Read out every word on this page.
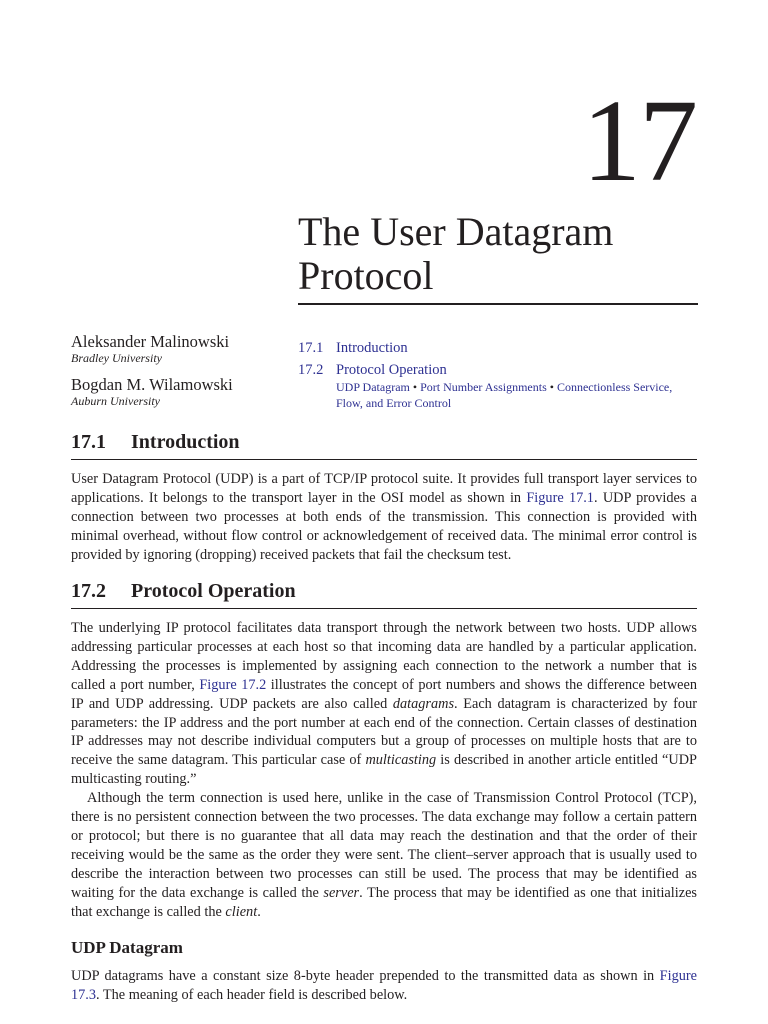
17
The User Datagram
Protocol
Aleksander Malinowski
Bradley University
Bogdan M. Wilamowski
Auburn University
17.1 Introduction
17.2 Protocol Operation
UDP Datagram • Port Number Assignments • Connectionless Service, Flow, and Error Control
17.1 Introduction

User Datagram Protocol (UDP) is a part of TCP/IP protocol suite. It provides full transport layer services to applications. It belongs to the transport layer in the OSI model as shown in Figure 17.1. UDP provides a connection between two processes at both ends of the transmission. This connection is provided with minimal overhead, without flow control or acknowledgement of received data. The minimal error control is provided by ignoring (dropping) received packets that fail the checksum test.

17.2 Protocol Operation

The underlying IP protocol facilitates data transport through the network between two hosts. UDP allows addressing particular processes at each host so that incoming data are handled by a particular application. Addressing the processes is implemented by assigning each connection to the network a number that is called a port number, Figure 17.2 illustrates the concept of port numbers and shows the difference between IP and UDP addressing. UDP packets are also called datagrams. Each datagram is characterized by four parameters: the IP address and the port number at each end of the connection. Certain classes of destination IP addresses may not describe individual computers but a group of processes on multiple hosts that are to receive the same datagram. This particular case of multicasting is described in another article entitled “UDP multicasting routing.”

Although the term connection is used here, unlike in the case of Transmission Control Protocol (TCP), there is no persistent connection between the two processes. The data exchange may follow a certain pattern or protocol; but there is no guarantee that all data may reach the destination and that the order of their receiving would be the same as the order they were sent. The client–server approach that is usually used to describe the interaction between two processes can still be used. The process that may be identified as waiting for the data exchange is called the server. The process that may be identified as one that initializes that exchange is called the client.

UDP Datagram

UDP datagrams have a constant size 8-byte header prepended to the transmitted data as shown in Figure 17.3. The meaning of each header field is described below.
